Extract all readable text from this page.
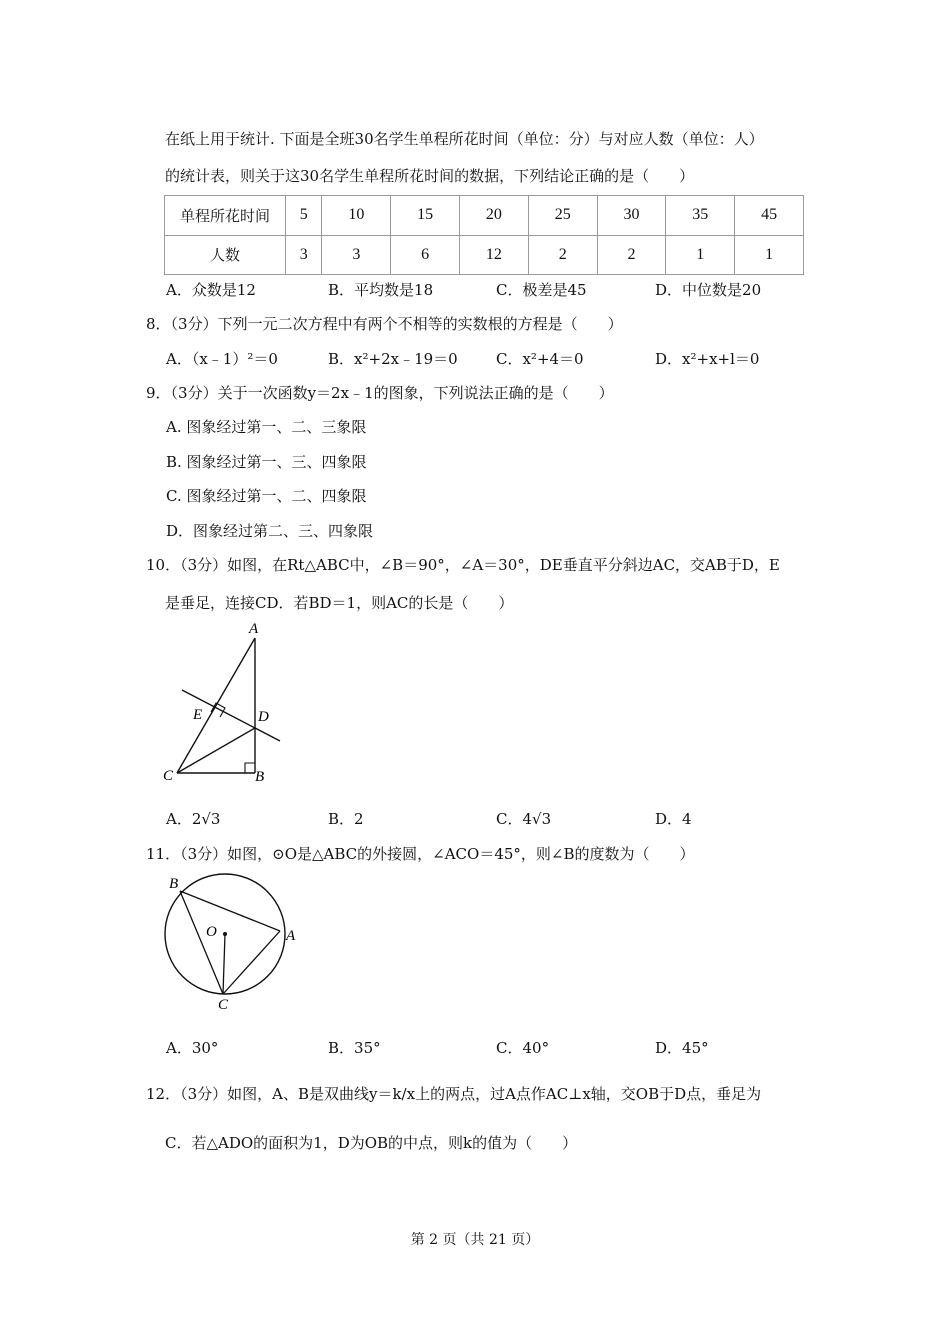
在纸上用于统计. 下面是全班30名学生单程所花时间（单位：分）与对应人数（单位：人）
的统计表，则关于这30名学生单程所花时间的数据，下列结论正确的是（　　）
单程所花时间	5	10	15	20	25	30	35	45
人数	3	3	6	12	2	2	1	1
A．众数是12	B．平均数是18	C．极差是45	D．中位数是20
8．（3分）下列一元二次方程中有两个不相等的实数根的方程是（　　）
A．（x﹣1）²＝0	B．x²+2x﹣19＝0	C．x²+4＝0	D．x²+x+l＝0
9．（3分）关于一次函数y＝2x﹣1的图象，下列说法正确的是（　　）
A. 图象经过第一、二、三象限
B. 图象经过第一、三、四象限
C. 图象经过第一、二、四象限
D．图象经过第二、三、四象限
10．（3分）如图，在Rt△ABC中，∠B＝90°，∠A＝30°，DE垂直平分斜边AC，交AB于D，E
是垂足，连接CD．若BD＝1，则AC的长是（　　）
A
E	D
C	B
A．2√3	B．2	C．4√3	D．4
11．（3分）如图，⊙O是△ABC的外接圆，∠ACO＝45°，则∠B的度数为（　　）
B
O	A
C
A．30°	B．35°	C．40°	D．45°
12．（3分）如图，A、B是双曲线y＝k/x上的两点，过A点作AC⊥x轴，交OB于D点，垂足为
C．若△ADO的面积为1，D为OB的中点，则k的值为（　　）
第 2 页（共 21 页）
